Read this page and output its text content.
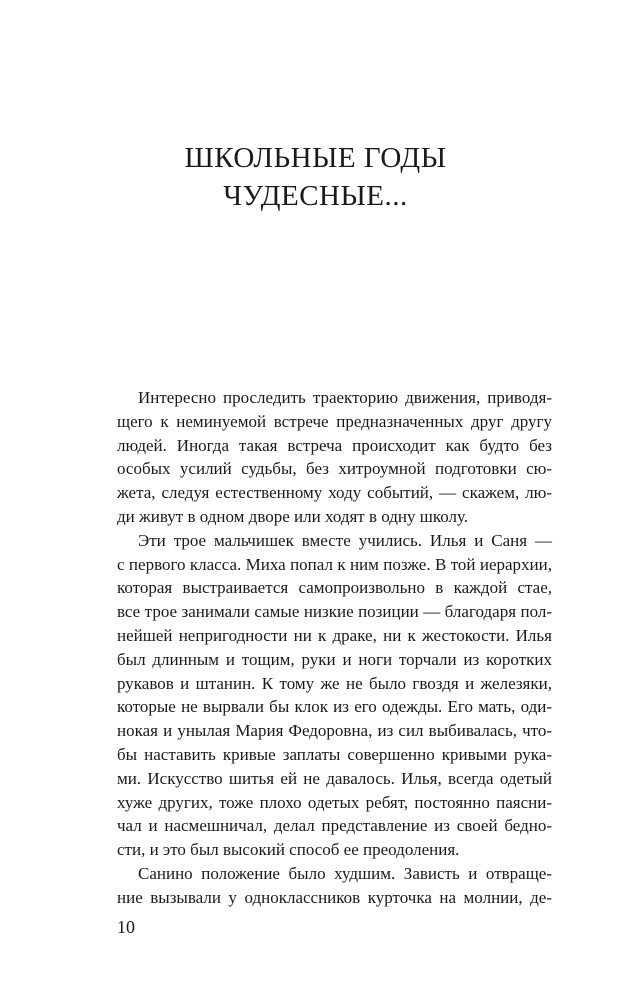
ШКОЛЬНЫЕ ГОДЫ
ЧУДЕСНЫЕ...
Интересно проследить траекторию движения, приводя-
щего к неминуемой встрече предназначенных друг другу
людей. Иногда такая встреча происходит как будто без
особых усилий судьбы, без хитроумной подготовки сю-
жета, следуя естественному ходу событий, — скажем, лю-
ди живут в одном дворе или ходят в одну школу.
Эти трое мальчишек вместе учились. Илья и Саня —
с первого класса. Миха попал к ним позже. В той иерархии,
которая выстраивается самопроизвольно в каждой стае,
все трое занимали самые низкие позиции — благодаря пол-
нейшей непригодности ни к драке, ни к жестокости. Илья
был длинным и тощим, руки и ноги торчали из коротких
рукавов и штанин. К тому же не было гвоздя и железяки,
которые не вырвали бы клок из его одежды. Его мать, оди-
нокая и унылая Мария Федоровна, из сил выбивалась, что-
бы наставить кривые заплаты совершенно кривыми рука-
ми. Искусство шитья ей не давалось. Илья, всегда одетый
хуже других, тоже плохо одетых ребят, постоянно паясни-
чал и насмешничал, делал представление из своей бедно-
сти, и это был высокий способ ее преодоления.
Санино положение было худшим. Зависть и отвраще-
ние вызывали у одноклассников курточка на молнии, де-
10
